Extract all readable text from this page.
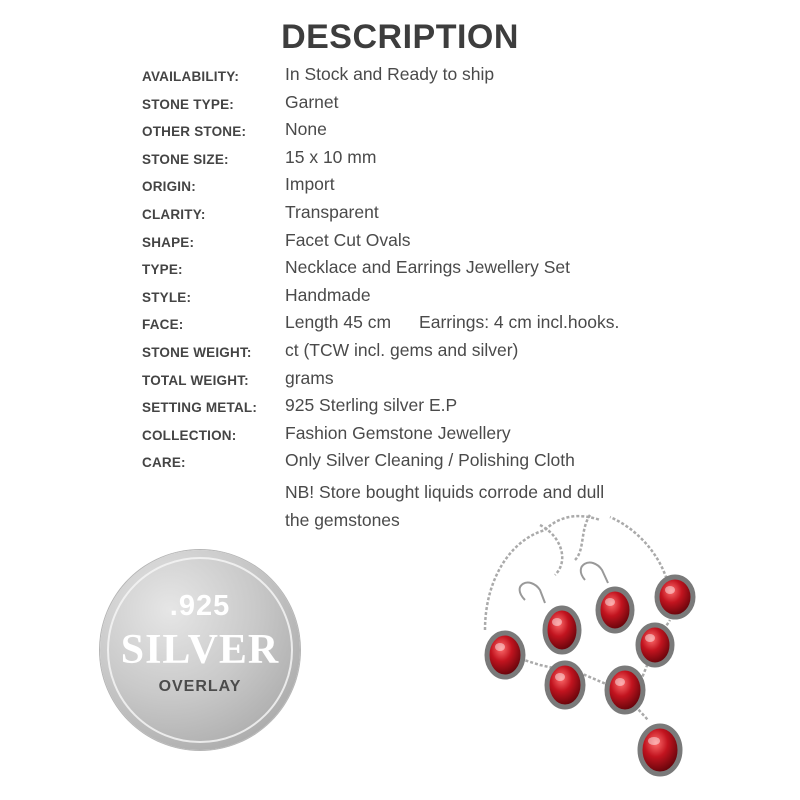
DESCRIPTION
AVAILABILITY:	In Stock and Ready to ship
STONE TYPE:	Garnet
OTHER STONE: None
STONE SIZE:	15 x 10 mm
ORIGIN:	Import
CLARITY:	Transparent
SHAPE:	Facet Cut Ovals
TYPE:	Necklace and Earrings Jewellery Set
STYLE:	Handmade
FACE:	Length 45 cm Earrings: 4 cm incl.hooks.
STONE WEIGHT: ct (TCW incl. gems and silver)
TOTAL WEIGHT: grams
SETTING METAL: 925 Sterling silver E.P
COLLECTION:	Fashion Gemstone Jewellery
CARE:	Only Silver Cleaning / Polishing Cloth
NB! Store bought liquids corrode and dull
the gemstones
.925
SILVER
OVERLAY
